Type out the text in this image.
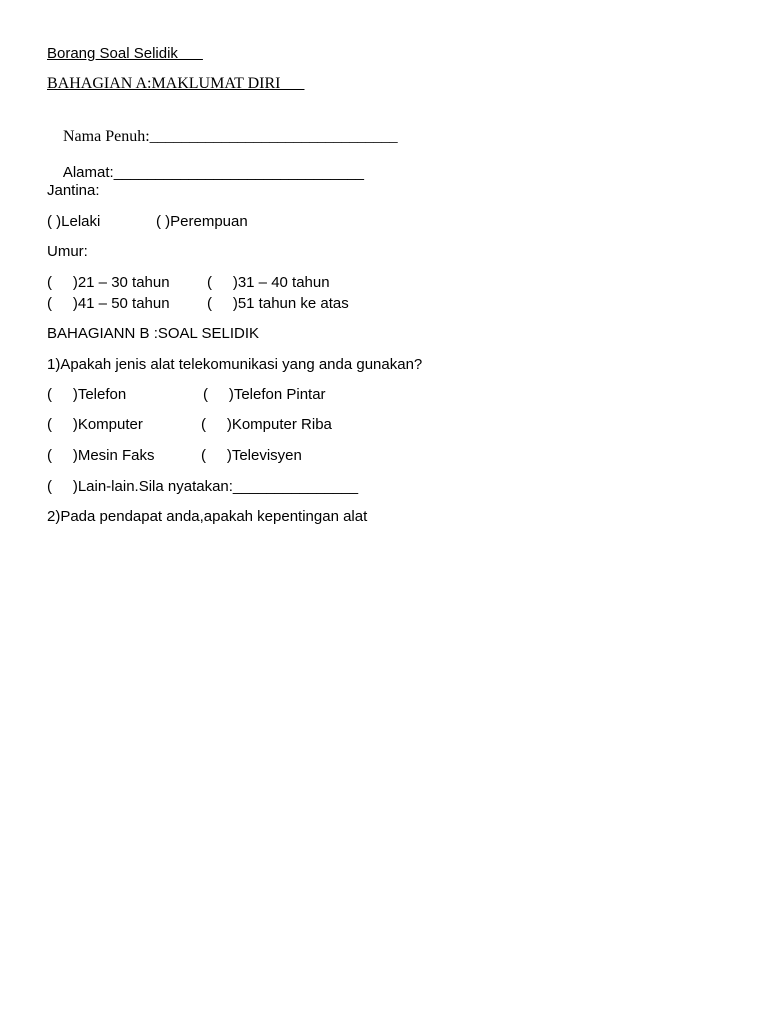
Borang Soal Selidik
BAHAGIAN A:MAKLUMAT DIRI

Nama Penuh:_______________________________

Alamat:______________________________

Jantina:
( )Lelaki	( )Perempuan
Umur:
(     )21 – 30 tahun (     )31 – 40 tahun
(     )41 – 50 tahun (     )51 tahun ke atas
BAHAGIANN B :SOAL SELIDIK
1)Apakah jenis alat telekomunikasi yang anda gunakan?
(     )Telefon	(     )Telefon Pintar
(     )Komputer	(     )Komputer Riba
(     )Mesin Faks	(     )Televisyen
(     )Lain-lain.Sila nyatakan:_______________
2)Pada pendapat anda,apakah kepentingan alat
